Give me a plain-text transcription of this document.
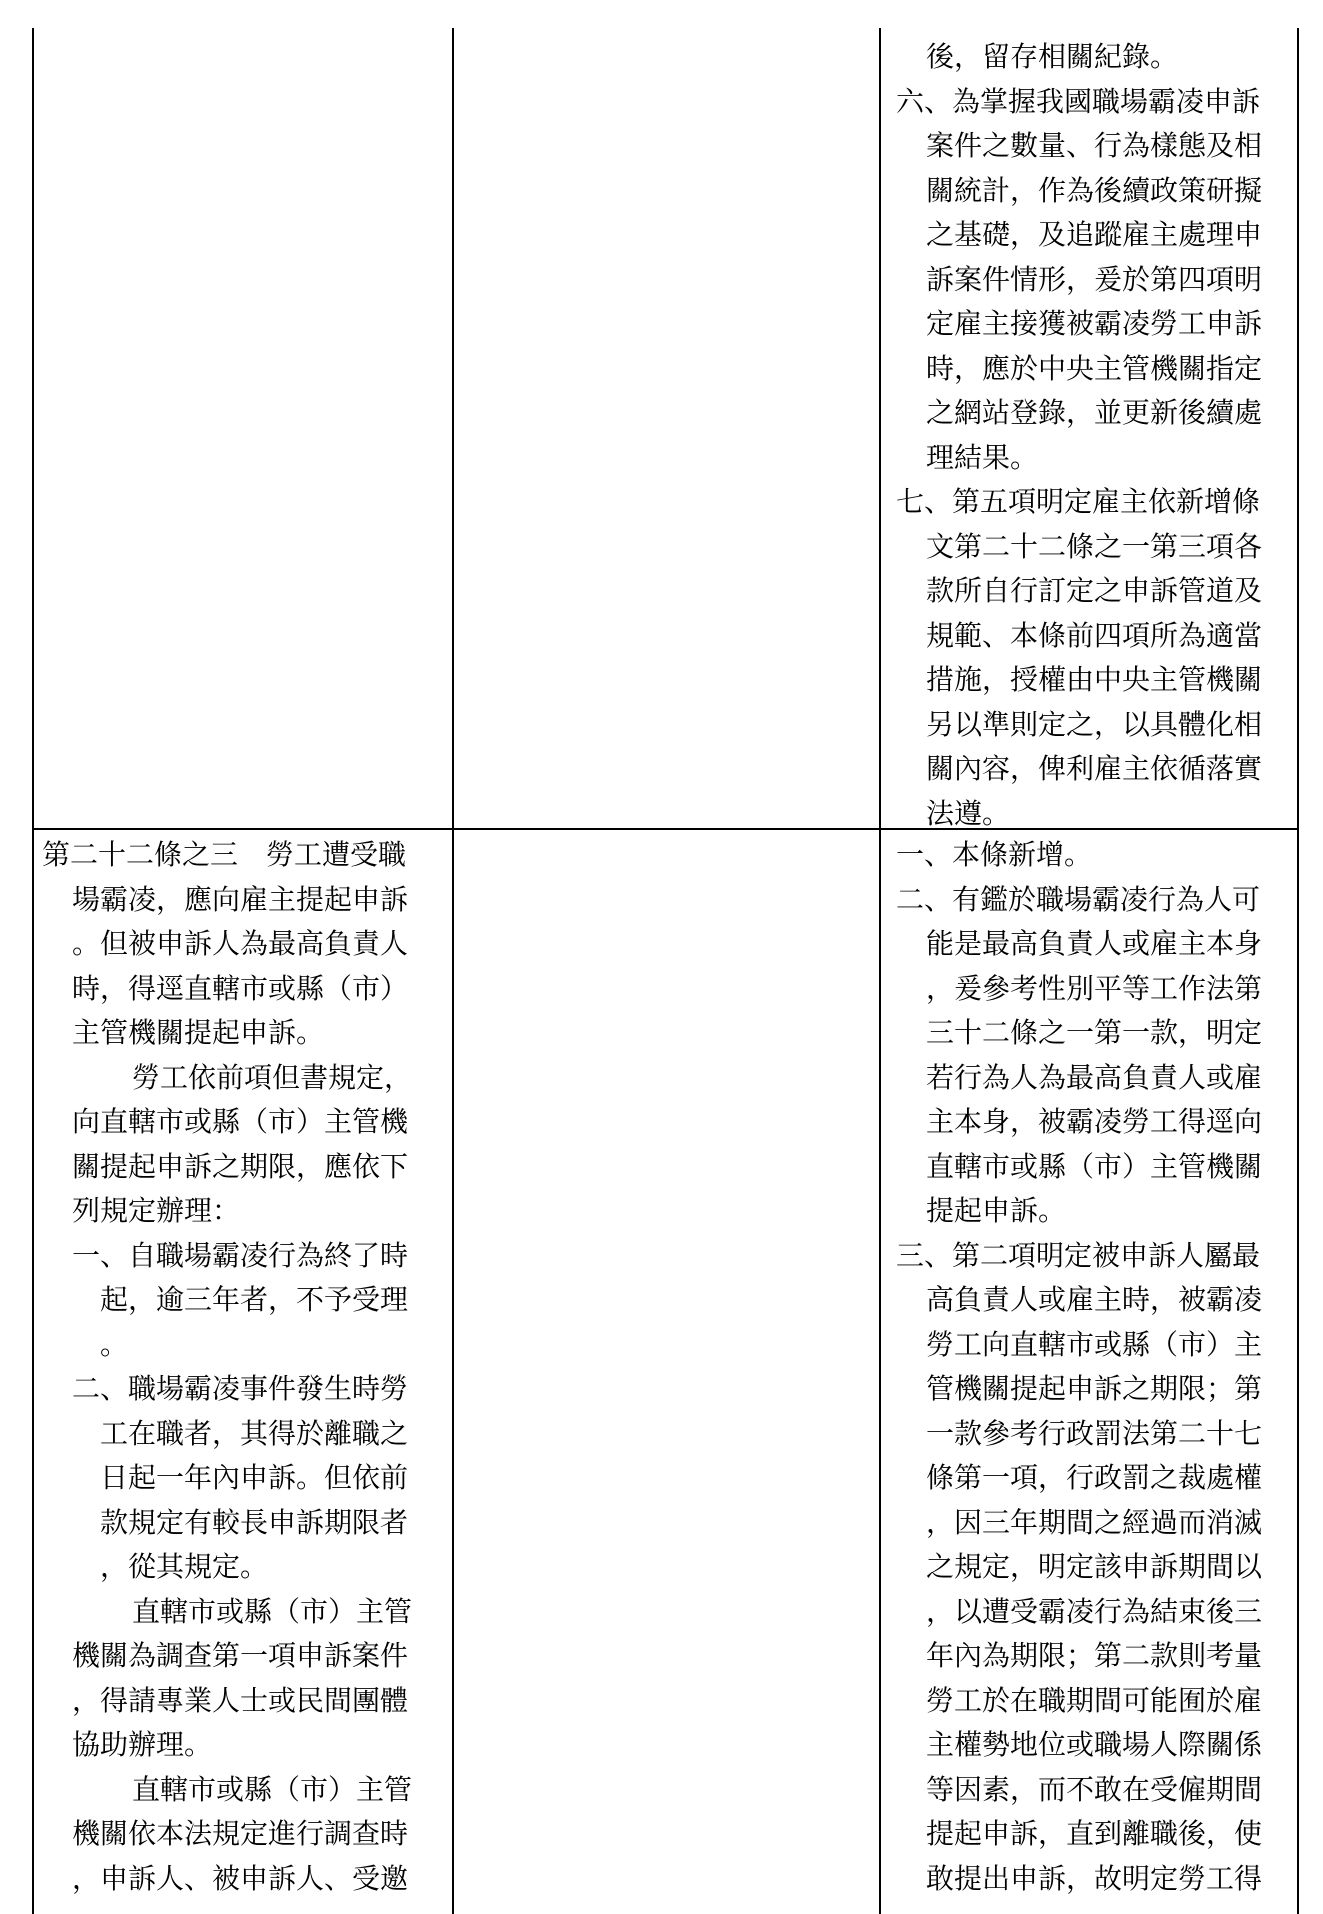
後，留存相關紀錄。
六、為掌握我國職場霸凌申訴
案件之數量、行為樣態及相
關統計，作為後續政策研擬
之基礎，及追蹤雇主處理申
訴案件情形，爰於第四項明
定雇主接獲被霸凌勞工申訴
時，應於中央主管機關指定
之網站登錄，並更新後續處
理結果。
七、第五項明定雇主依新增條
文第二十二條之一第三項各
款所自行訂定之申訴管道及
規範、本條前四項所為適當
措施，授權由中央主管機關
另以準則定之，以具體化相
關內容，俾利雇主依循落實
法遵。
第二十二條之三　勞工遭受職
場霸凌，應向雇主提起申訴
。但被申訴人為最高負責人
時，得逕直轄市或縣（市）
主管機關提起申訴。
勞工依前項但書規定，
向直轄市或縣（市）主管機
關提起申訴之期限，應依下
列規定辦理：
一、自職場霸凌行為終了時
起，逾三年者，不予受理
。
二、職場霸凌事件發生時勞
工在職者，其得於離職之
日起一年內申訴。但依前
款規定有較長申訴期限者
，從其規定。
直轄市或縣（市）主管
機關為調查第一項申訴案件
，得請專業人士或民間團體
協助辦理。
直轄市或縣（市）主管
機關依本法規定進行調查時
，申訴人、被申訴人、受邀
一、本條新增。
二、有鑑於職場霸凌行為人可
能是最高負責人或雇主本身
，爰參考性別平等工作法第
三十二條之一第一款，明定
若行為人為最高負責人或雇
主本身，被霸凌勞工得逕向
直轄市或縣（市）主管機關
提起申訴。
三、第二項明定被申訴人屬最
高負責人或雇主時，被霸凌
勞工向直轄市或縣（市）主
管機關提起申訴之期限；第
一款參考行政罰法第二十七
條第一項，行政罰之裁處權
，因三年期間之經過而消滅
之規定，明定該申訴期間以
，以遭受霸凌行為結束後三
年內為期限；第二款則考量
勞工於在職期間可能囿於雇
主權勢地位或職場人際關係
等因素，而不敢在受僱期間
提起申訴，直到離職後，使
敢提出申訴，故明定勞工得
